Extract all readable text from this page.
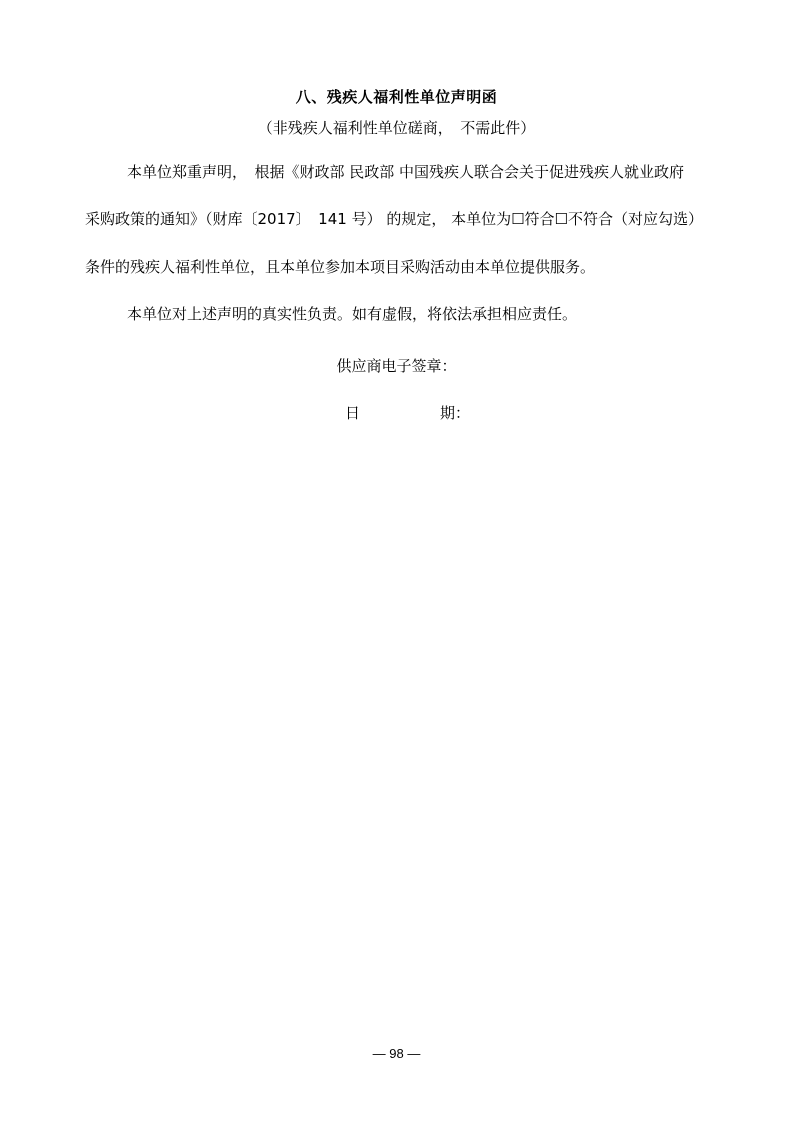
八、残疾人福利性单位声明函
（非残疾人福利性单位磋商，　不需此件）
本单位郑重声明，　根据《财政部 民政部 中国残疾人联合会关于促进残疾人就业政府
采购政策的通知》（财库〔2017〕　141 号） 的规定， 本单位为☐符合☐不符合（对应勾选）
条件的残疾人福利性单位，且本单位参加本项目采购活动由本单位提供服务。
本单位对上述声明的真实性负责。如有虚假，将依法承担相应责任。
供应商电子签章：
日	期：
— 98 —
